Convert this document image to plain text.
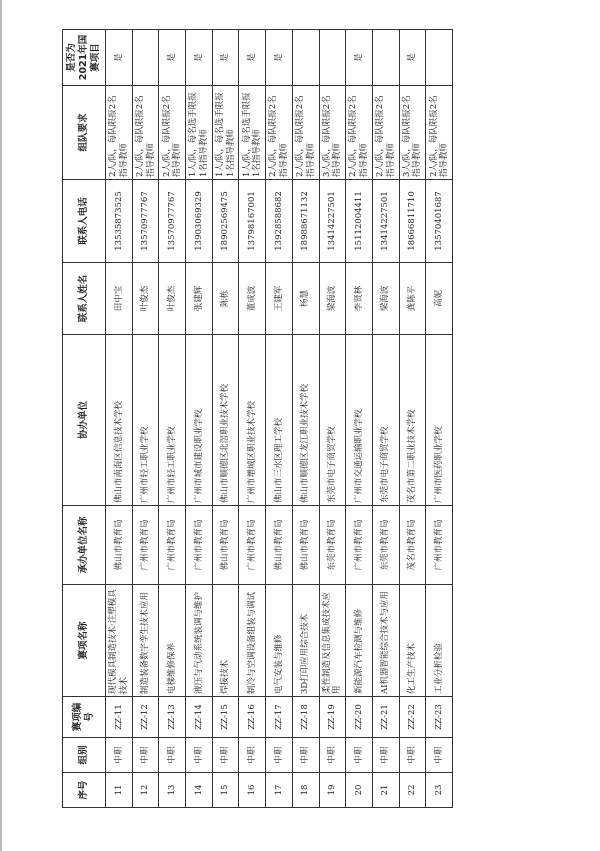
序号	组别	赛项编号	赛项名称	承办单位名称	协办单位	联系人姓名	联系人电话	组队要求	是否为2021年国赛项目
11	中职	ZZ-11	现代模具制造技术·注塑模具技术	佛山市教育局	佛山市南海区信息技术学校	田中宝	13535873525	2人/队，每队限报2名指导教师	是
12	中职	ZZ-12	制造装备数字孪生技术应用	广州市教育局	广州市轻工职业学校	叶俊杰	13570977767	2人/队，每队限报2名指导教师	
13	中职	ZZ-13	电梯维修保养	广州市教育局	广州市轻工职业学校	叶俊杰	13570977767	2人/队，每队限报2名指导教师	是
14	中职	ZZ-14	液压与气动系统装调与维护	广州市教育局	广州市城市建设职业学校	张建辉	13903069329	1人/队，每名选手限报1名指导教师	是
15	中职	ZZ-15	焊接技术	佛山市教育局	佛山市顺德区北滘职业技术学校	陈栋	18902569475	1人/队，每名选手限报1名指导教师	是
16	中职	ZZ-16	制冷与空调设备组装与调试	广州市教育局	广州市增城区职业技术学校	董成波	13798167001	1人/队，每名选手限报1名指导教师	是
17	中职	ZZ-17	电气安装与维修	佛山市教育局	佛山市三水区理工学校	王建军	13928588682	2人/队，每队限报2名指导教师	是
18	中职	ZZ-18	3D打印应用综合技术	佛山市教育局	佛山市顺德区龙江职业技术学校	杨慧	18988671132	2人/队，每队限报2名指导教师	
19	中职	ZZ-19	柔性制造及信息集成技术应用	东莞市教育局	东莞市电子商贸学校	梁海波	13414227501	3人/队，每队限报2名指导教师	
20	中职	ZZ-20	新能源汽车检测与维修	广州市教育局	广州市交通运输职业学校	李贤林	15112004411	2人/队，每队限报2名指导教师	是
21	中职	ZZ-21	AI机器智能综合技术与应用	东莞市教育局	东莞市电子商贸学校	梁海波	13414227501	2人/队，每队限报2名指导教师	
22	中职	ZZ-22	化工生产技术	茂名市教育局	茂名市第二职业技术学校	龚陈平	18666811710	3人/队，每队限报2名指导教师	是
23	中职	ZZ-23	工业分析检验	广州市教育局	广州市医药职业学校	高妮	13570401687	2人/队，每队限报2名指导教师	
